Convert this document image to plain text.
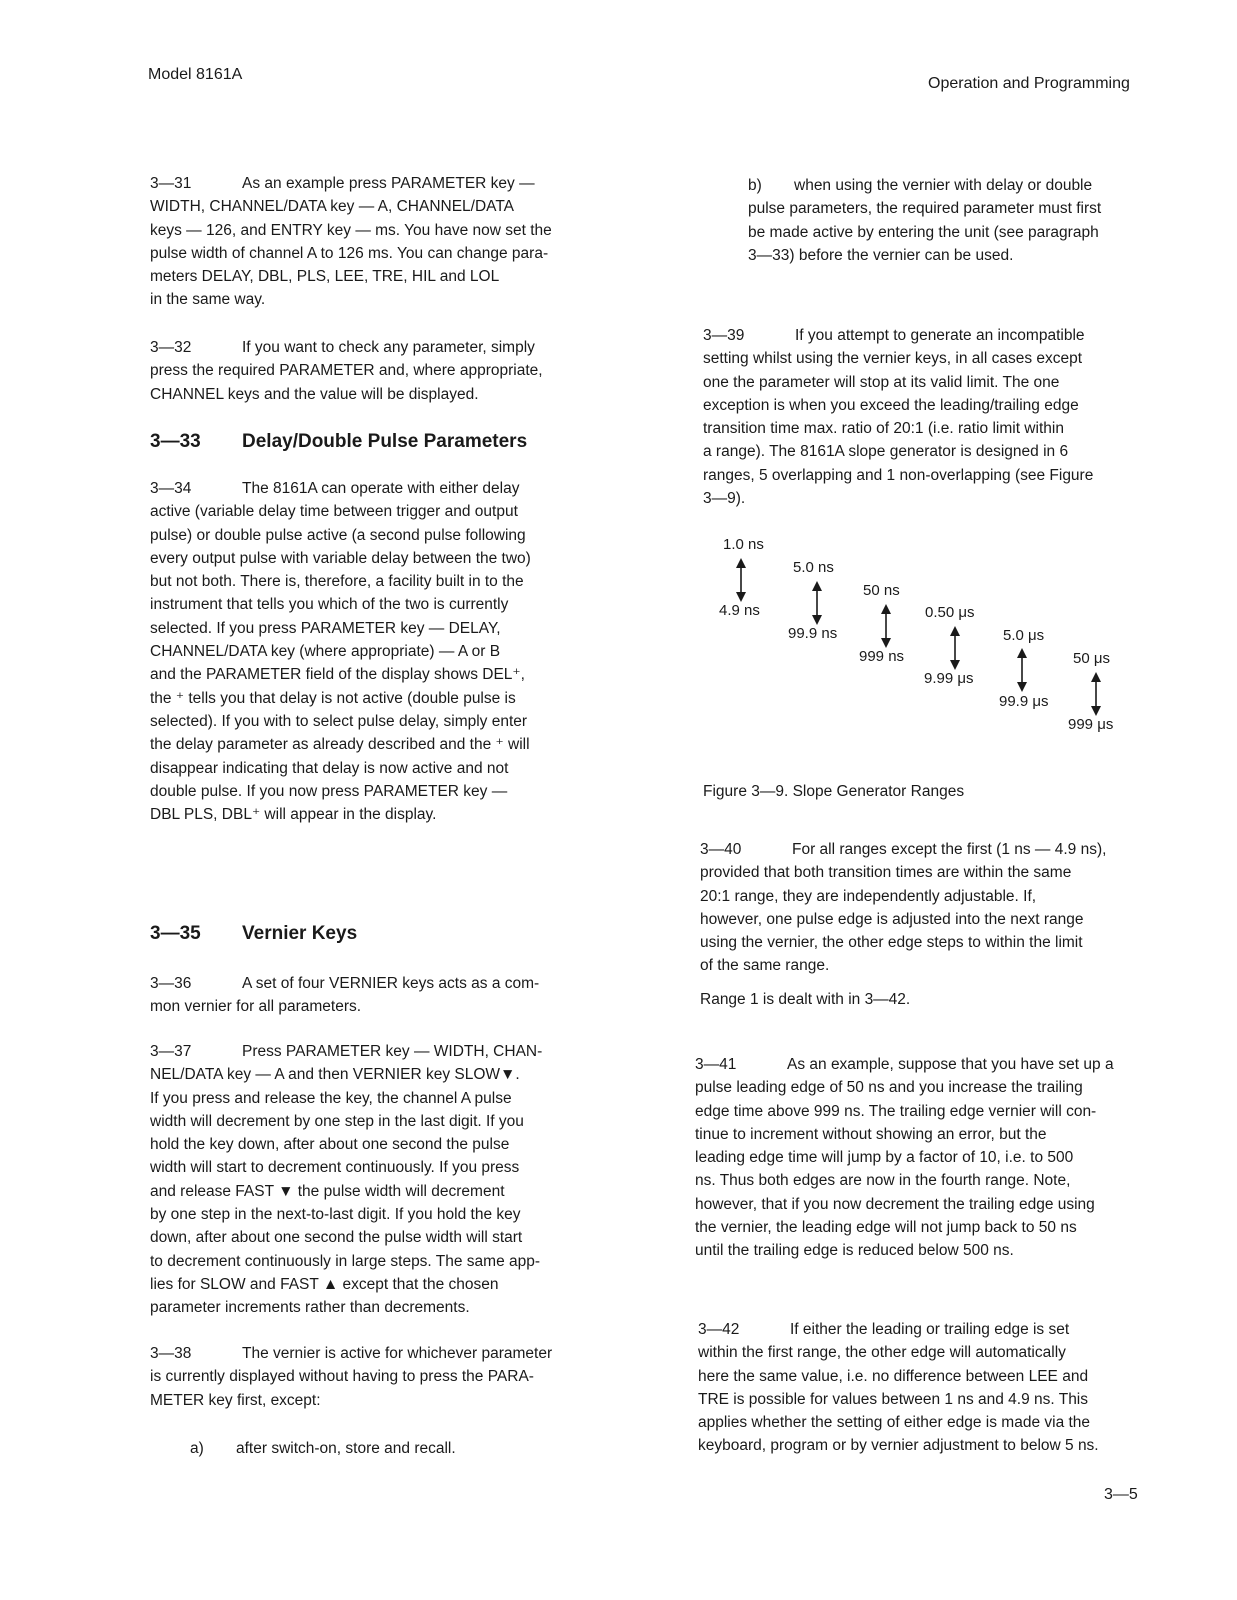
Model 8161A
Operation and Programming
3—31	As an example press PARAMETER key —
WIDTH, CHANNEL/DATA key — A, CHANNEL/DATA
keys — 126, and ENTRY key — ms. You have now set the
pulse width of channel A to 126 ms. You can change para-
meters DELAY, DBL, PLS, LEE, TRE, HIL and LOL
in the same way.
3—32	If you want to check any parameter, simply
press the required PARAMETER and, where appropriate,
CHANNEL keys and the value will be displayed.
3—33 Delay/Double Pulse Parameters
3—34	The 8161A can operate with either delay
active (variable delay time between trigger and output
pulse) or double pulse active (a second pulse following
every output pulse with variable delay between the two)
but not both. There is, therefore, a facility built in to the
instrument that tells you which of the two is currently
selected. If you press PARAMETER key — DELAY,
CHANNEL/DATA key (where appropriate) — A or B
and the PARAMETER field of the display shows DEL⁺,
the ⁺ tells you that delay is not active (double pulse is
selected). If you with to select pulse delay, simply enter
the delay parameter as already described and the ⁺ will
disappear indicating that delay is now active and not
double pulse. If you now press PARAMETER key —
DBL PLS, DBL⁺ will appear in the display.
3—35 Vernier Keys
3—36	A set of four VERNIER keys acts as a com-
mon vernier for all parameters.
3—37	Press PARAMETER key — WIDTH, CHAN-
NEL/DATA key — A and then VERNIER key SLOW▼.
If you press and release the key, the channel A pulse
width will decrement by one step in the last digit. If you
hold the key down, after about one second the pulse
width will start to decrement continuously. If you press
and release FAST ▼ the pulse width will decrement
by one step in the next-to-last digit. If you hold the key
down, after about one second the pulse width will start
to decrement continuously in large steps. The same app-
lies for SLOW and FAST ▲ except that the chosen
parameter increments rather than decrements.
3—38	The vernier is active for whichever parameter
is currently displayed without having to press the PARA-
METER key first, except:
a) after switch-on, store and recall.
b) when using the vernier with delay or double
pulse parameters, the required parameter must first
be made active by entering the unit (see paragraph
3—33) before the vernier can be used.
3—39	If you attempt to generate an incompatible
setting whilst using the vernier keys, in all cases except
one the parameter will stop at its valid limit. The one
exception is when you exceed the leading/trailing edge
transition time max. ratio of 20:1 (i.e. ratio limit within
a range). The 8161A slope generator is designed in 6
ranges, 5 overlapping and 1 non-overlapping (see Figure
3—9).
3—40	For all ranges except the first (1 ns — 4.9 ns),
provided that both transition times are within the same
20:1 range, they are independently adjustable. If,
however, one pulse edge is adjusted into the next range
using the vernier, the other edge steps to within the limit
of the same range.
Range 1 is dealt with in 3—42.
3—41	As an example, suppose that you have set up a
pulse leading edge of 50 ns and you increase the trailing
edge time above 999 ns. The trailing edge vernier will con-
tinue to increment without showing an error, but the
leading edge time will jump by a factor of 10, i.e. to 500
ns. Thus both edges are now in the fourth range. Note,
however, that if you now decrement the trailing edge using
the vernier, the leading edge will not jump back to 50 ns
until the trailing edge is reduced below 500 ns.
3—42	If either the leading or trailing edge is set
within the first range, the other edge will automatically
here the same value, i.e. no difference between LEE and
TRE is possible for values between 1 ns and 4.9 ns. This
applies whether the setting of either edge is made via the
keyboard, program or by vernier adjustment to below 5 ns.
1.0 ns
4.9 ns
5.0 ns
99.9 ns
50 ns
999 ns
0.50 μs
9.99 μs
5.0 μs
99.9 μs
50 μs
999 μs
Figure 3—9. Slope Generator Ranges
3—5
